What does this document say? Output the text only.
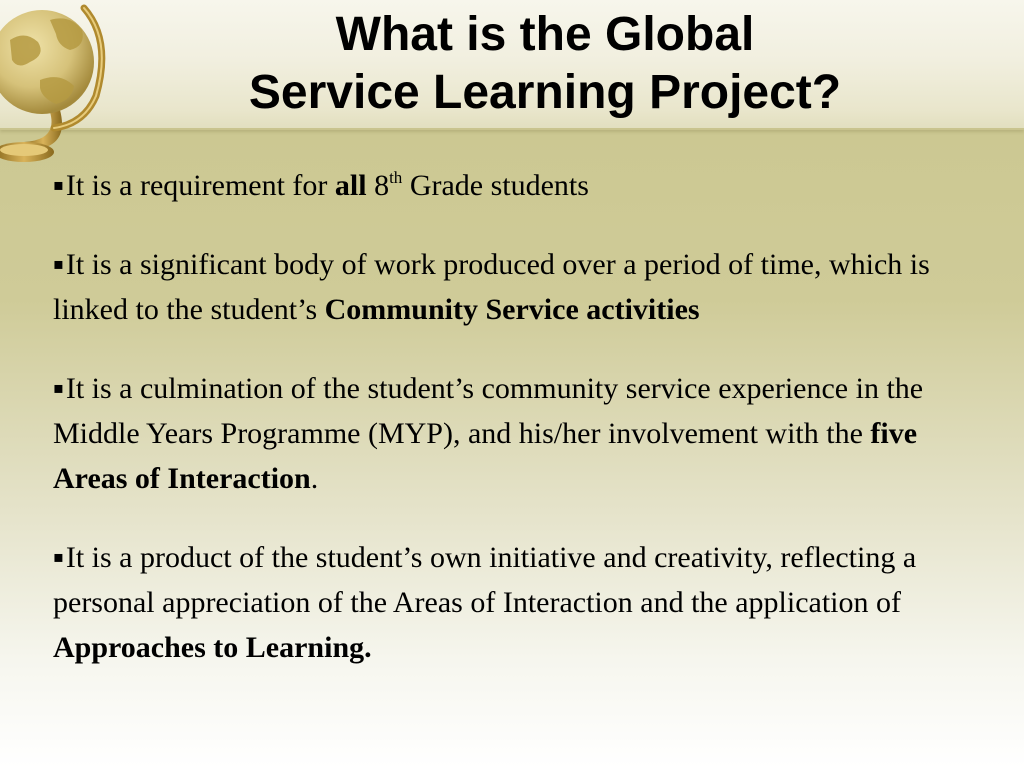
What is the Global
Service Learning Project?
▪It is a requirement for all 8th Grade students
▪It is a significant body of work produced over a period of time, which is linked to the student’s Community Service activities
▪It is a culmination of the student’s community service experience in the Middle Years Programme (MYP), and his/her involvement with the five Areas of Interaction.
▪It is a product of the student’s own initiative and creativity, reflecting a personal appreciation of the Areas of Interaction and the application of Approaches to Learning.
